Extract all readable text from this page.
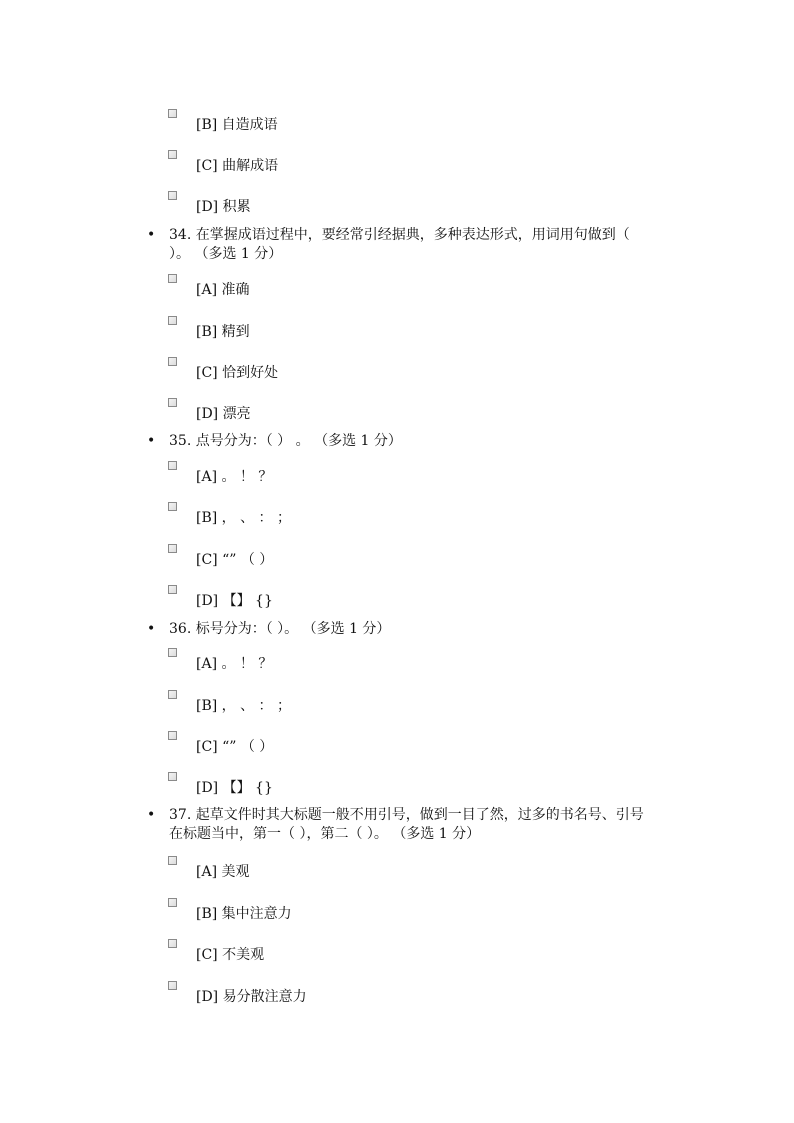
[B] 自造成语
[C] 曲解成语
[D] 积累
• 34. 在掌握成语过程中，要经常引经据典，多种表达形式，用词用句做到（ ）。 （多选 1 分）
[A] 准确
[B] 精到
[C] 恰到好处
[D] 漂亮
• 35. 点号分为：（ ） 。 （多选 1 分）
[A] 。 ！ ？
[B] ， 、 ： ；
[C] “” （ ）
[D] 【】 {}
• 36. 标号分为：（ ）。 （多选 1 分）
[A] 。 ！ ？
[B] ， 、 ： ；
[C] “” （ ）
[D] 【】 {}
• 37. 起草文件时其大标题一般不用引号，做到一目了然，过多的书名号、引号在标题当中，第一（ ），第二（ ）。 （多选 1 分）
[A] 美观
[B] 集中注意力
[C] 不美观
[D] 易分散注意力
